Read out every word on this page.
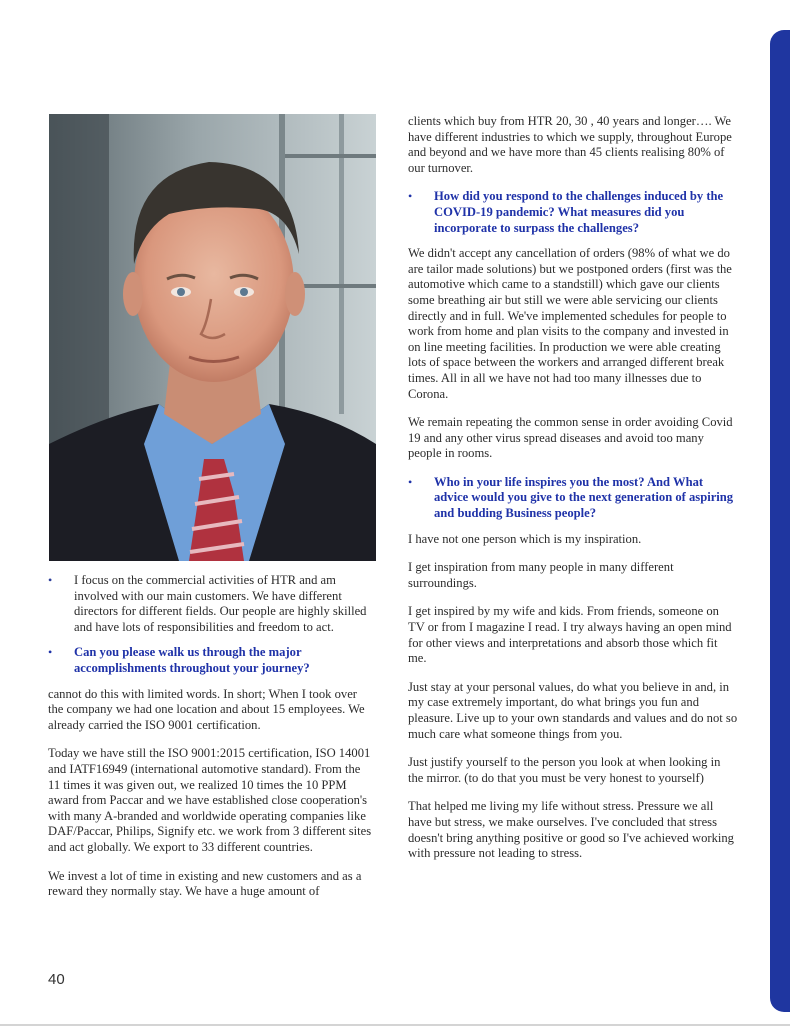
•	I focus on the commercial activities of HTR and am involved with our main customers. We have different directors for different fields. Our people are highly skilled and have lots of responsibilities and freedom to act.
•	Can you please walk us through the major accomplishments throughout your journey?

cannot do this with limited words. In short; When I took over the company we had one location and about 15 employees. We already carried the ISO 9001 certification.

Today we have still the ISO 9001:2015 certification, ISO 14001 and IATF16949 (international automotive standard). From the 11 times it was given out, we realized 10 times the 10 PPM award from Paccar and we have established close cooperation's with many A-branded and worldwide operating companies like DAF/Paccar, Philips, Signify etc. we work from 3 different sites and act globally. We export to 33 different countries.

We invest a lot of time in existing and new customers and as a reward they normally stay. We have a huge amount of

clients which buy from HTR 20, 30 , 40 years and longer…. We have different industries to which we supply, throughout Europe and beyond and we have more than 45 clients realising 80% of our turnover.

•	How did you respond to the challenges induced by the COVID-19 pandemic? What measures did you incorporate to surpass the challenges?

We didn't accept any cancellation of orders (98% of what we do are tailor made solutions) but we postponed orders (first was the automotive which came to a standstill) which gave our clients some breathing air but still we were able servicing our clients directly and in full. We've implemented schedules for people to work from home and plan visits to the company and invested in on line meeting facilities. In production we were able creating lots of space between the workers and arranged different break times. All in all we have not had too many illnesses due to Corona.

We remain repeating the common sense in order avoiding Covid 19 and any other virus spread diseases and avoid too many people in rooms.

•	Who in your life inspires you the most? And What advice would you give to the next generation of aspiring and budding Business people?

I have not one person which is my inspiration.

I get inspiration from many people in many different surroundings.

I get inspired by my wife and kids. From friends, someone on TV or from I magazine I read. I try always having an open mind for other views and interpretations and absorb those which fit me.

Just stay at your personal values, do what you believe in and, in my case extremely important, do what brings you fun and pleasure. Live up to your own standards and values and do not so much care what someone things from you.

Just justify yourself to the person you look at when looking in the mirror. (to do that you must be very honest to yourself)

That helped me living my life without stress. Pressure we all have but stress, we make ourselves. I've concluded that stress doesn't bring anything positive or good so I've achieved working with pressure not leading to stress.

40
